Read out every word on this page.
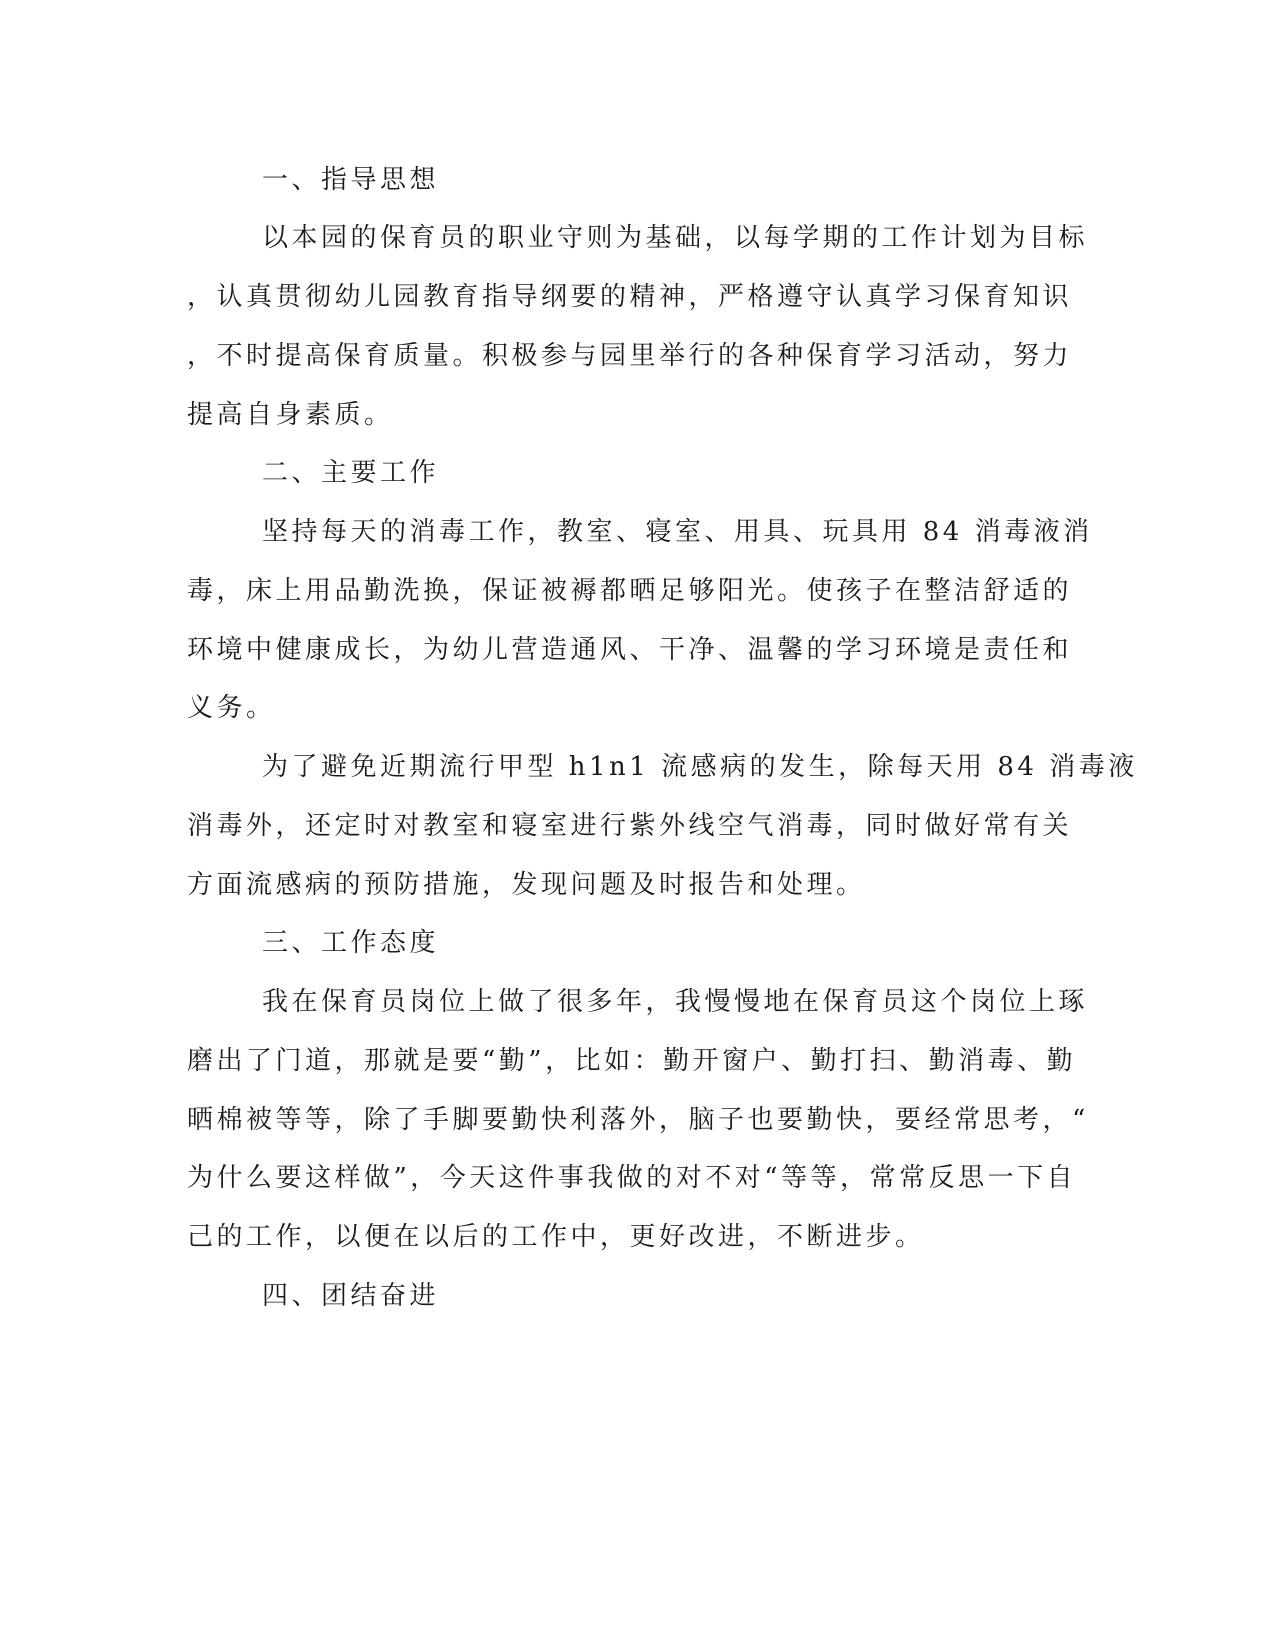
一、指导思想

以本园的保育员的职业守则为基础，以每学期的工作计划为目标

，认真贯彻幼儿园教育指导纲要的精神，严格遵守认真学习保育知识

，不时提高保育质量。积极参与园里举行的各种保育学习活动，努力

提高自身素质。

二、主要工作

坚持每天的消毒工作，教室、寝室、用具、玩具用 84 消毒液消

毒，床上用品勤洗换，保证被褥都晒足够阳光。使孩子在整洁舒适的

环境中健康成长，为幼儿营造通风、干净、温馨的学习环境是责任和

义务。

为了避免近期流行甲型 h1n1 流感病的发生，除每天用 84 消毒液

消毒外，还定时对教室和寝室进行紫外线空气消毒，同时做好常有关

方面流感病的预防措施，发现问题及时报告和处理。

三、工作态度

我在保育员岗位上做了很多年，我慢慢地在保育员这个岗位上琢

磨出了门道，那就是要“勤”，比如：勤开窗户、勤打扫、勤消毒、勤

晒棉被等等，除了手脚要勤快利落外，脑子也要勤快，要经常思考，“

为什么要这样做”，今天这件事我做的对不对“等等，常常反思一下自

己的工作，以便在以后的工作中，更好改进，不断进步。

四、团结奋进
